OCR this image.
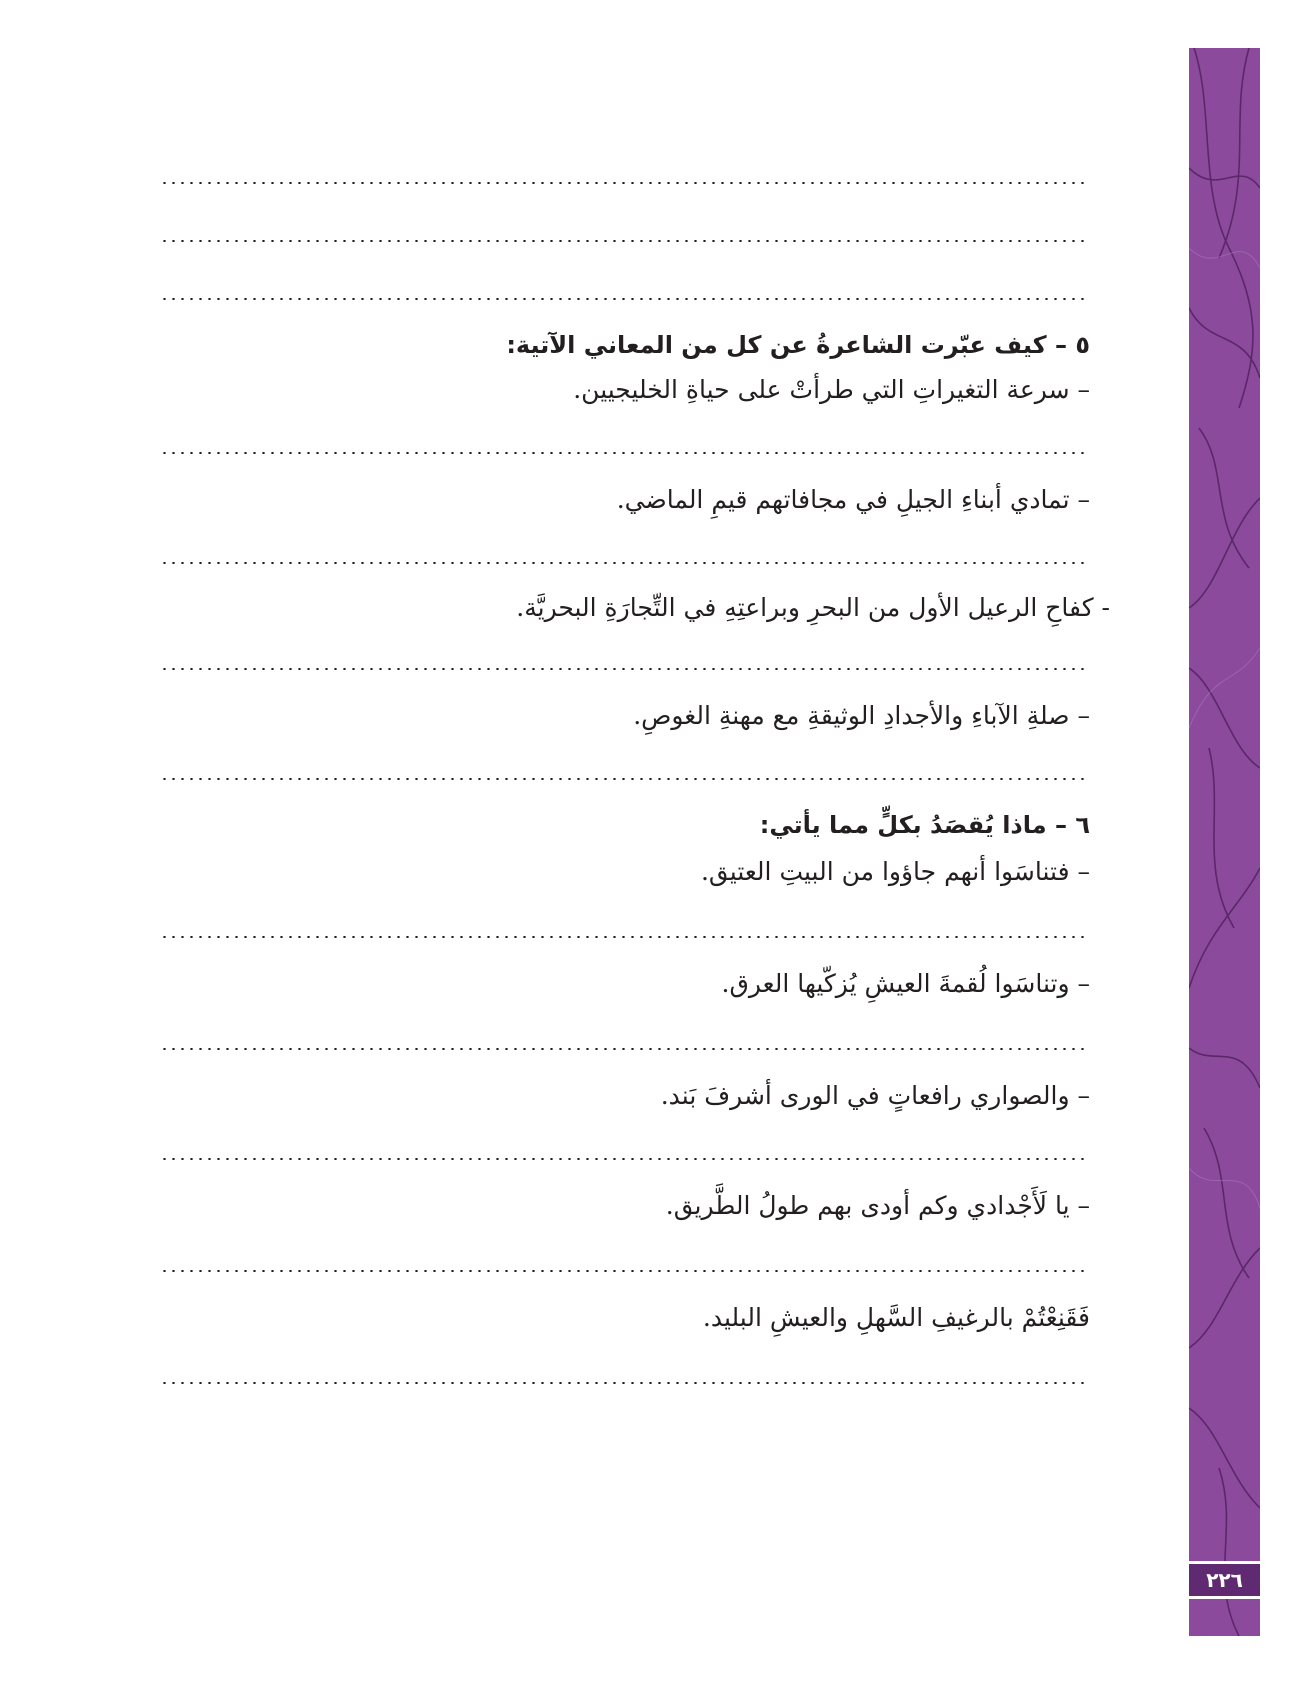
٢٢٦
٥ – كيف عبّرت الشاعرةُ عن كل من المعاني الآتية:
– سرعة التغيراتِ التي طرأتْ على حياةِ الخليجيين.
– تمادي أبناءِ الجيلِ في مجافاتهم قيمِ الماضي.
- كفاحِ الرعيل الأول من البحرِ وبراعتِهِ في التِّجارَةِ البحريَّة.
– صلةِ الآباءِ والأجدادِ الوثيقةِ مع مهنةِ الغوصِ.
٦ – ماذا يُقصَدُ بكلٍّ مما يأتي:
– فتناسَوا أنهم جاؤوا من البيتِ العتيق.
– وتناسَوا لُقمةَ العيشِ يُزكّيها العرق.
– والصواري رافعاتٍ في الورى أشرفَ بَند.
– يا لَأَجْدادي وكم أودى بهم طولُ الطَّريق.
فَقَنِعْتُمْ بالرغيفِ السَّهلِ والعيشِ البليد.
